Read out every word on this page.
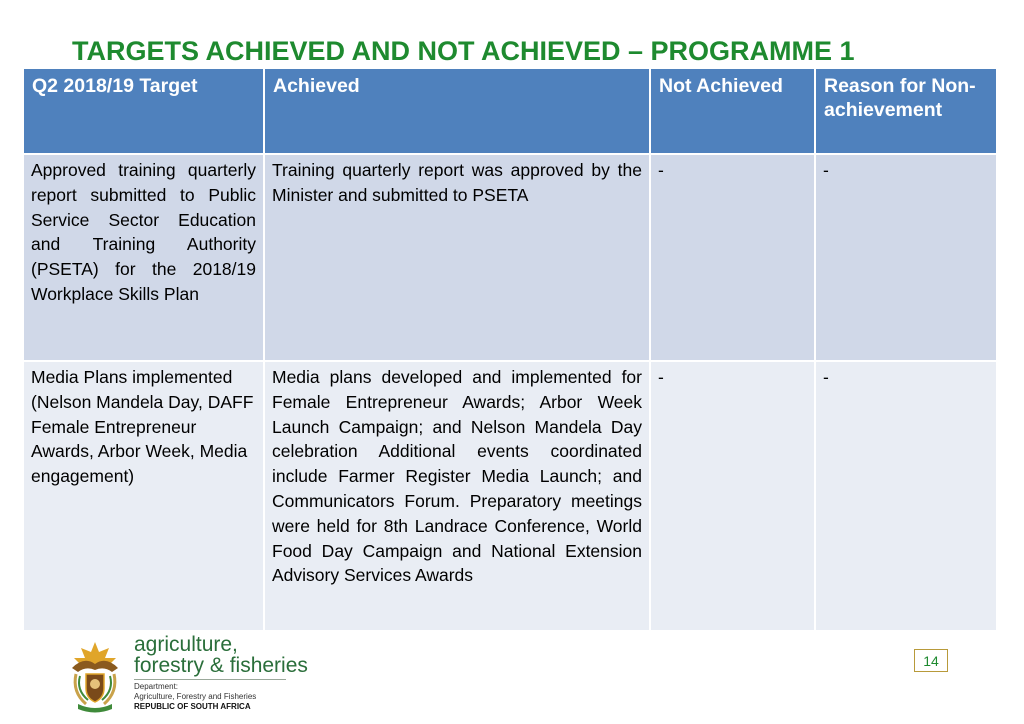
TARGETS ACHIEVED AND NOT ACHIEVED – PROGRAMME 1
Q2 2018/19 Target	Achieved	Not Achieved	Reason for Non-achievement
Approved training quarterly report submitted to Public Service Sector Education and Training Authority (PSETA) for the 2018/19 Workplace Skills Plan	Training quarterly report was approved by the Minister and submitted to PSETA	-	-
Media Plans implemented (Nelson Mandela Day, DAFF Female Entrepreneur Awards, Arbor Week, Media engagement)	Media plans developed and implemented for Female Entrepreneur Awards; Arbor Week Launch Campaign; and Nelson Mandela Day celebration Additional events coordinated include Farmer Register Media Launch; and Communicators Forum. Preparatory meetings were held for 8th Landrace Conference, World Food Day Campaign and National Extension Advisory Services Awards	-	-
agriculture,
forestry & fisheries
Department:
Agriculture, Forestry and Fisheries
REPUBLIC OF SOUTH AFRICA
14
